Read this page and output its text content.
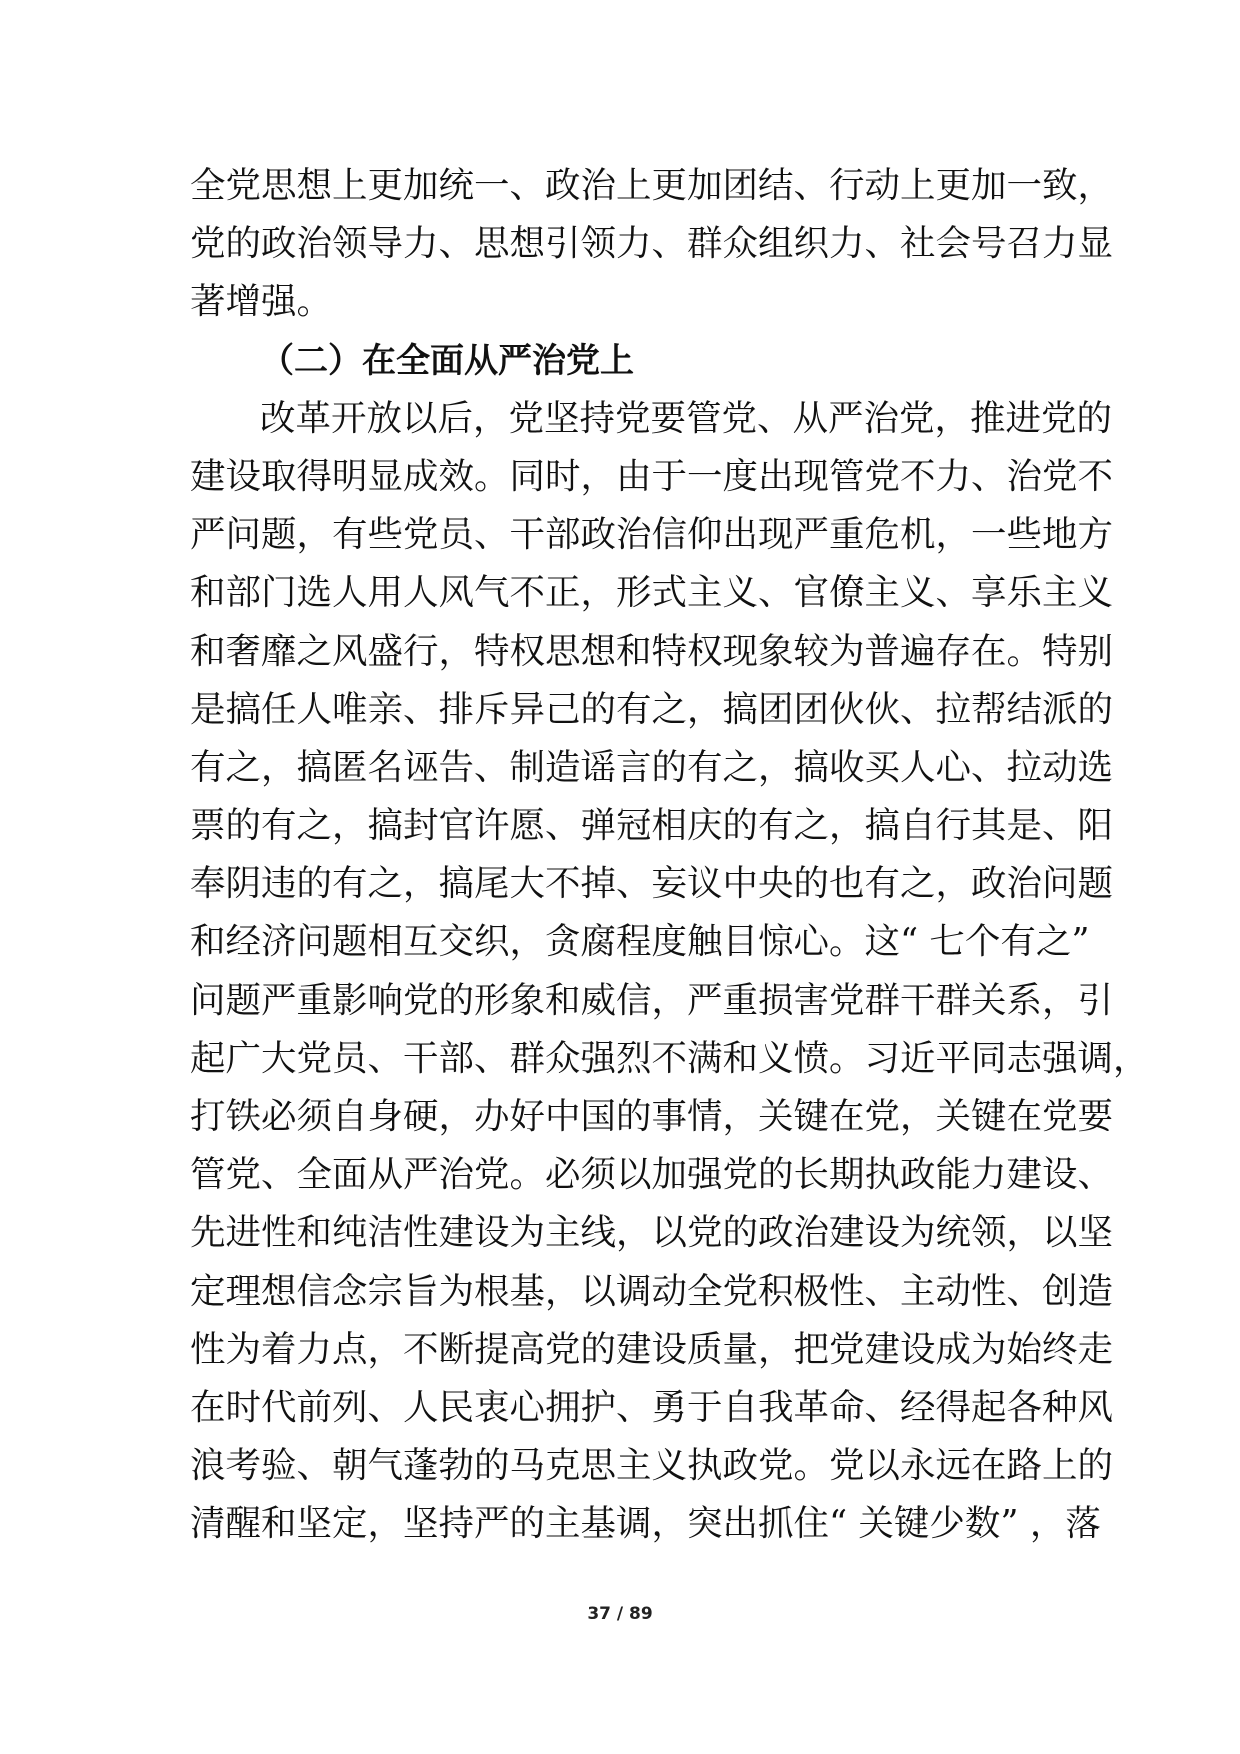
全党思想上更加统一、政治上更加团结、行动上更加一致，
党的政治领导力、思想引领力、群众组织力、社会号召力显
著增强。
（二）在全面从严治党上
改革开放以后，党坚持党要管党、从严治党，推进党的
建设取得明显成效。同时，由于一度出现管党不力、治党不
严问题，有些党员、干部政治信仰出现严重危机，一些地方
和部门选人用人风气不正，形式主义、官僚主义、享乐主义
和奢靡之风盛行，特权思想和特权现象较为普遍存在。特别
是搞任人唯亲、排斥异己的有之，搞团团伙伙、拉帮结派的
有之，搞匿名诬告、制造谣言的有之，搞收买人心、拉动选
票的有之，搞封官许愿、弹冠相庆的有之，搞自行其是、阳
奉阴违的有之，搞尾大不掉、妄议中央的也有之，政治问题
和经济问题相互交织，贪腐程度触目惊心。这“ 七个有之”
问题严重影响党的形象和威信，严重损害党群干群关系，引
起广大党员、干部、群众强烈不满和义愤。习近平同志强调，
打铁必须自身硬，办好中国的事情，关键在党，关键在党要
管党、全面从严治党。必须以加强党的长期执政能力建设、
先进性和纯洁性建设为主线，以党的政治建设为统领，以坚
定理想信念宗旨为根基，以调动全党积极性、主动性、创造
性为着力点，不断提高党的建设质量，把党建设成为始终走
在时代前列、人民衷心拥护、勇于自我革命、经得起各种风
浪考验、朝气蓬勃的马克思主义执政党。党以永远在路上的
清醒和坚定，坚持严的主基调，突出抓住“ 关键少数” ，落
37 / 89
